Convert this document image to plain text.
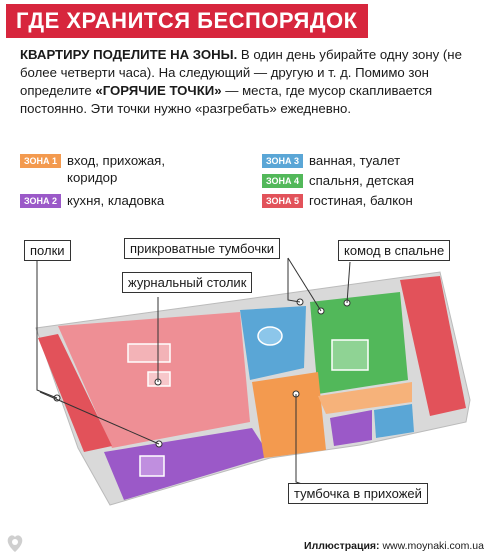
ГДЕ ХРАНИТСЯ БЕСПОРЯДОК
КВАРТИРУ ПОДЕЛИТЕ НА ЗОНЫ. В один день убирайте одну зону (не более четверти часа). На следующий — другую и т. д. Помимо зон определите «ГОРЯЧИЕ ТОЧКИ» — места, где мусор скапливается постоянно. Эти точки нужно «разгребать» ежедневно.
ЗОНА 1 вход, прихожая, коридор
ЗОНА 2 кухня, кладовка
ЗОНА 3 ванная, туалет
ЗОНА 4 спальня, детская
ЗОНА 5 гостиная, балкон
полки	прикроватные тумбочки	комод в спальне
журнальный столик
тумбочка в прихожей
Иллюстрация: www.moynaki.com.ua
